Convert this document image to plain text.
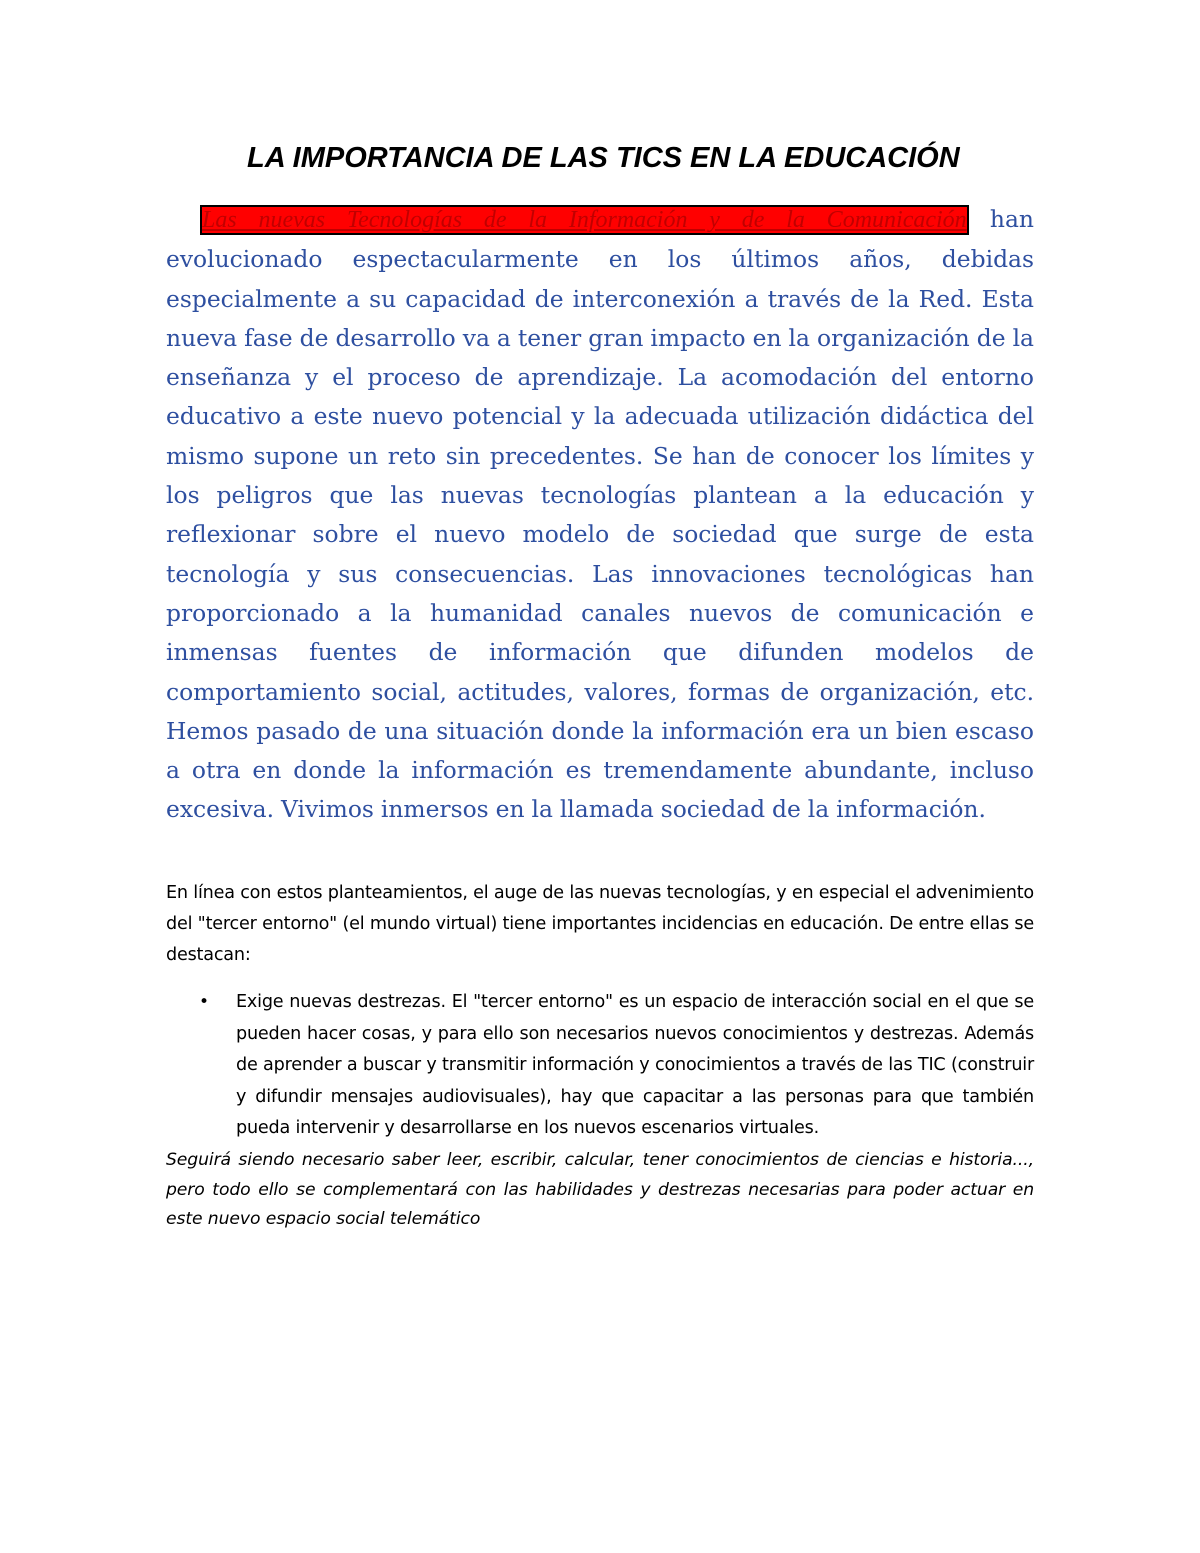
LA IMPORTANCIA DE LAS TICS EN LA EDUCACIÓN

Las nuevas Tecnologías de la Información y de la Comunicación han evolucionado espectacularmente en los últimos años, debidas especialmente a su capacidad de interconexión a través de la Red. Esta nueva fase de desarrollo va a tener gran impacto en la organización de la enseñanza y el proceso de aprendizaje. La acomodación del entorno educativo a este nuevo potencial y la adecuada utilización didáctica del mismo supone un reto sin precedentes. Se han de conocer los límites y los peligros que las nuevas tecnologías plantean a la educación y reflexionar sobre el nuevo modelo de sociedad que surge de esta tecnología y sus consecuencias. Las innovaciones tecnológicas han proporcionado a la humanidad canales nuevos de comunicación e inmensas fuentes de información que difunden modelos de comportamiento social, actitudes, valores, formas de organización, etc. Hemos pasado de una situación donde la información era un bien escaso a otra en donde la información es tremendamente abundante, incluso excesiva. Vivimos inmersos en la llamada sociedad de la información.

En línea con estos planteamientos, el auge de las nuevas tecnologías, y en especial el advenimiento del "tercer entorno" (el mundo virtual) tiene importantes incidencias en educación. De entre ellas se destacan:

• Exige nuevas destrezas. El "tercer entorno" es un espacio de interacción social en el que se pueden hacer cosas, y para ello son necesarios nuevos conocimientos y destrezas. Además de aprender a buscar y transmitir información y conocimientos a través de las TIC (construir y difundir mensajes audiovisuales), hay que capacitar a las personas para que también pueda intervenir y desarrollarse en los nuevos escenarios virtuales.

Seguirá siendo necesario saber leer, escribir, calcular, tener conocimientos de ciencias e historia..., pero todo ello se complementará con las habilidades y destrezas necesarias para poder actuar en este nuevo espacio social telemático
